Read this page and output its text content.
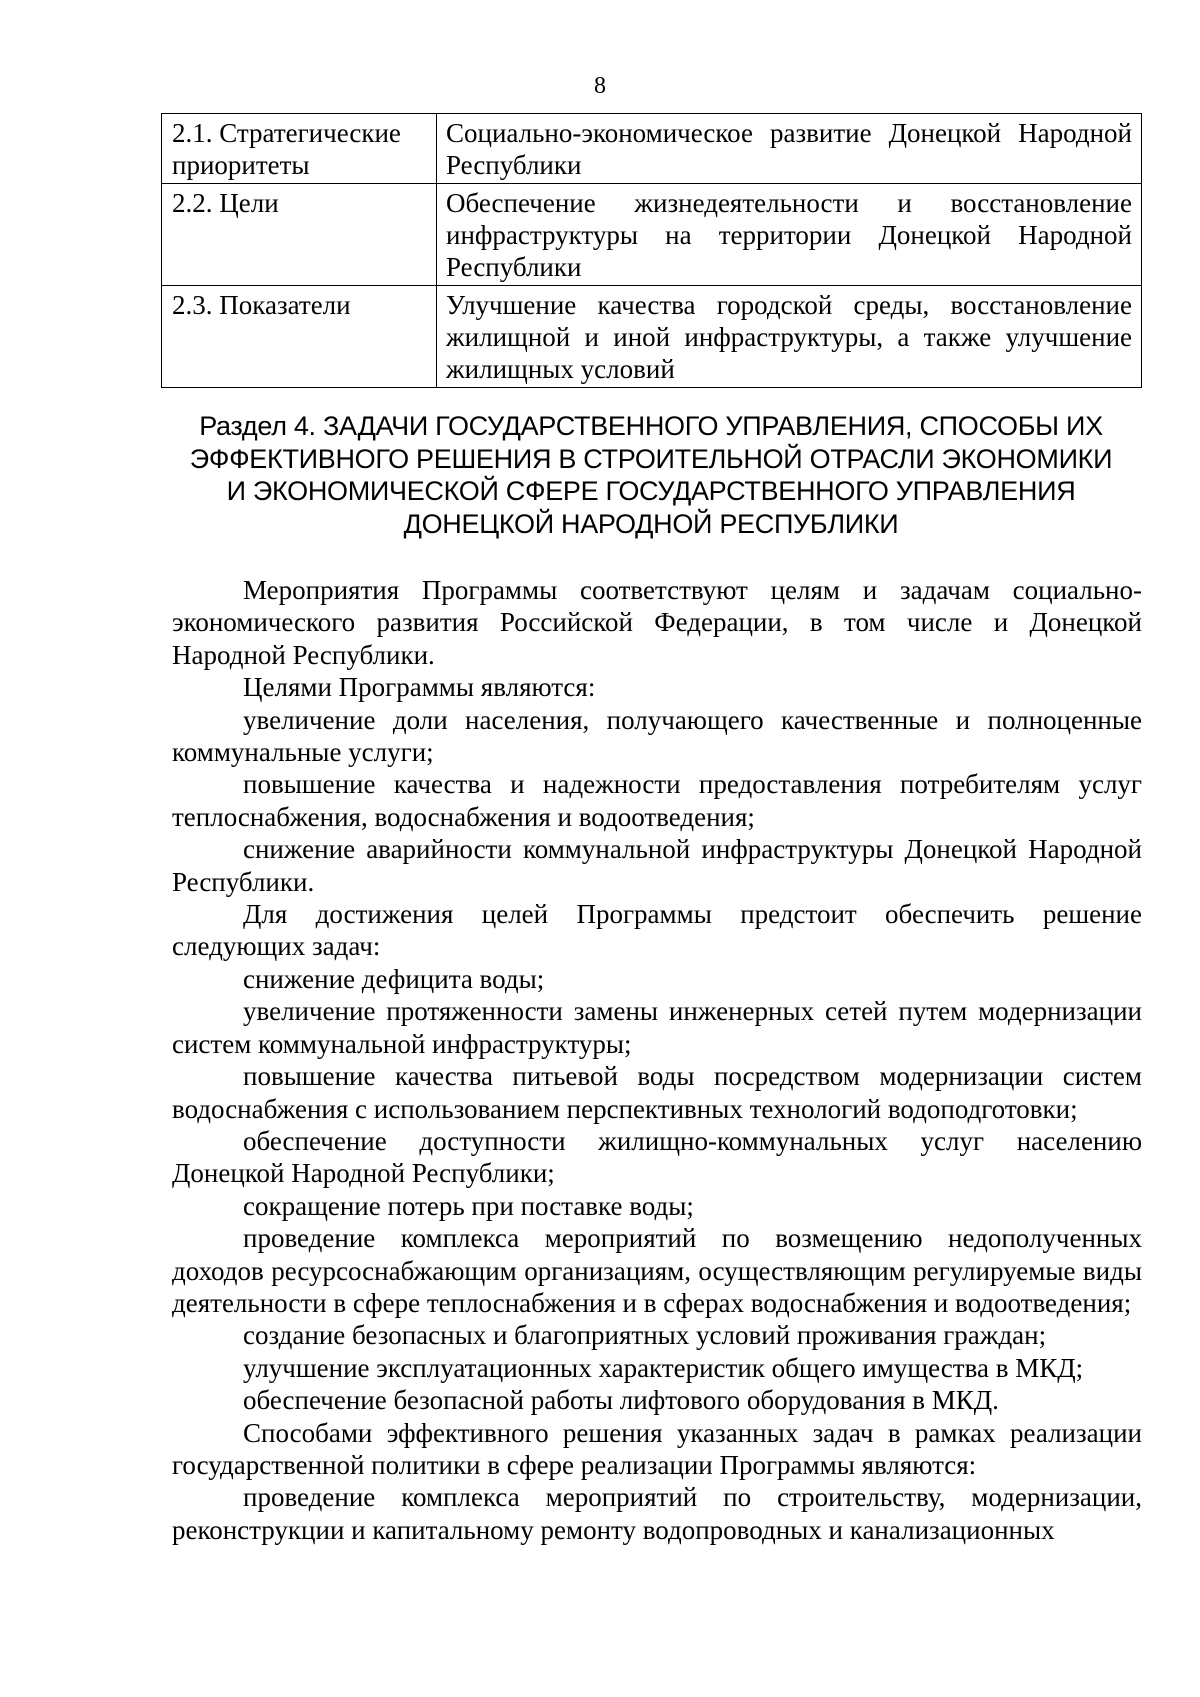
8
2.1. Стратегические приоритеты	Социально-экономическое развитие Донецкой Народной Республики
2.2. Цели	Обеспечение жизнедеятельности и восстановление инфраструктуры на территории Донецкой Народной Республики
2.3. Показатели	Улучшение качества городской среды, восстановление жилищной и иной инфраструктуры, а также улучшение жилищных условий
Раздел 4. ЗАДАЧИ ГОСУДАРСТВЕННОГО УПРАВЛЕНИЯ, СПОСОБЫ ИХ
ЭФФЕКТИВНОГО РЕШЕНИЯ В СТРОИТЕЛЬНОЙ ОТРАСЛИ ЭКОНОМИКИ
И ЭКОНОМИЧЕСКОЙ СФЕРЕ ГОСУДАРСТВЕННОГО УПРАВЛЕНИЯ
ДОНЕЦКОЙ НАРОДНОЙ РЕСПУБЛИКИ

Мероприятия Программы соответствуют целям и задачам социально-экономического развития Российской Федерации, в том числе и Донецкой Народной Республики.

Целями Программы являются:

увеличение доли населения, получающего качественные и полноценные коммунальные услуги;

повышение качества и надежности предоставления потребителям услуг теплоснабжения, водоснабжения и водоотведения;

снижение аварийности коммунальной инфраструктуры Донецкой Народной Республики.

Для достижения целей Программы предстоит обеспечить решение следующих задач:

снижение дефицита воды;

увеличение протяженности замены инженерных сетей путем модернизации систем коммунальной инфраструктуры;

повышение качества питьевой воды посредством модернизации систем водоснабжения с использованием перспективных технологий водоподготовки;

обеспечение доступности жилищно-коммунальных услуг населению Донецкой Народной Республики;

сокращение потерь при поставке воды;

проведение комплекса мероприятий по возмещению недополученных доходов ресурсоснабжающим организациям, осуществляющим регулируемые виды деятельности в сфере теплоснабжения и в сферах водоснабжения и водоотведения;

создание безопасных и благоприятных условий проживания граждан;

улучшение эксплуатационных характеристик общего имущества в МКД;

обеспечение безопасной работы лифтового оборудования в МКД.

Способами эффективного решения указанных задач в рамках реализации государственной политики в сфере реализации Программы являются:

проведение комплекса мероприятий по строительству, модернизации, реконструкции и капитальному ремонту водопроводных и канализационных
